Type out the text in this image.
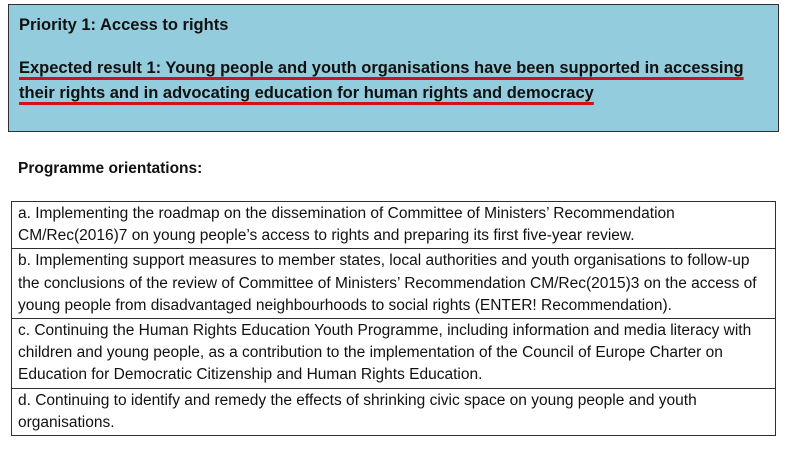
Priority 1: Access to rights

Expected result 1: Young people and youth organisations have been supported in accessing their rights and in advocating education for human rights and democracy

Programme orientations:

a. Implementing the roadmap on the dissemination of Committee of Ministers’ Recommendation CM/Rec(2016)7 on young people’s access to rights and preparing its first five-year review.
b. Implementing support measures to member states, local authorities and youth organisations to follow-up the conclusions of the review of Committee of Ministers’ Recommendation CM/Rec(2015)3 on the access of young people from disadvantaged neighbourhoods to social rights (ENTER! Recommendation).
c. Continuing the Human Rights Education Youth Programme, including information and media literacy with children and young people, as a contribution to the implementation of the Council of Europe Charter on Education for Democratic Citizenship and Human Rights Education.
d. Continuing to identify and remedy the effects of shrinking civic space on young people and youth organisations.
